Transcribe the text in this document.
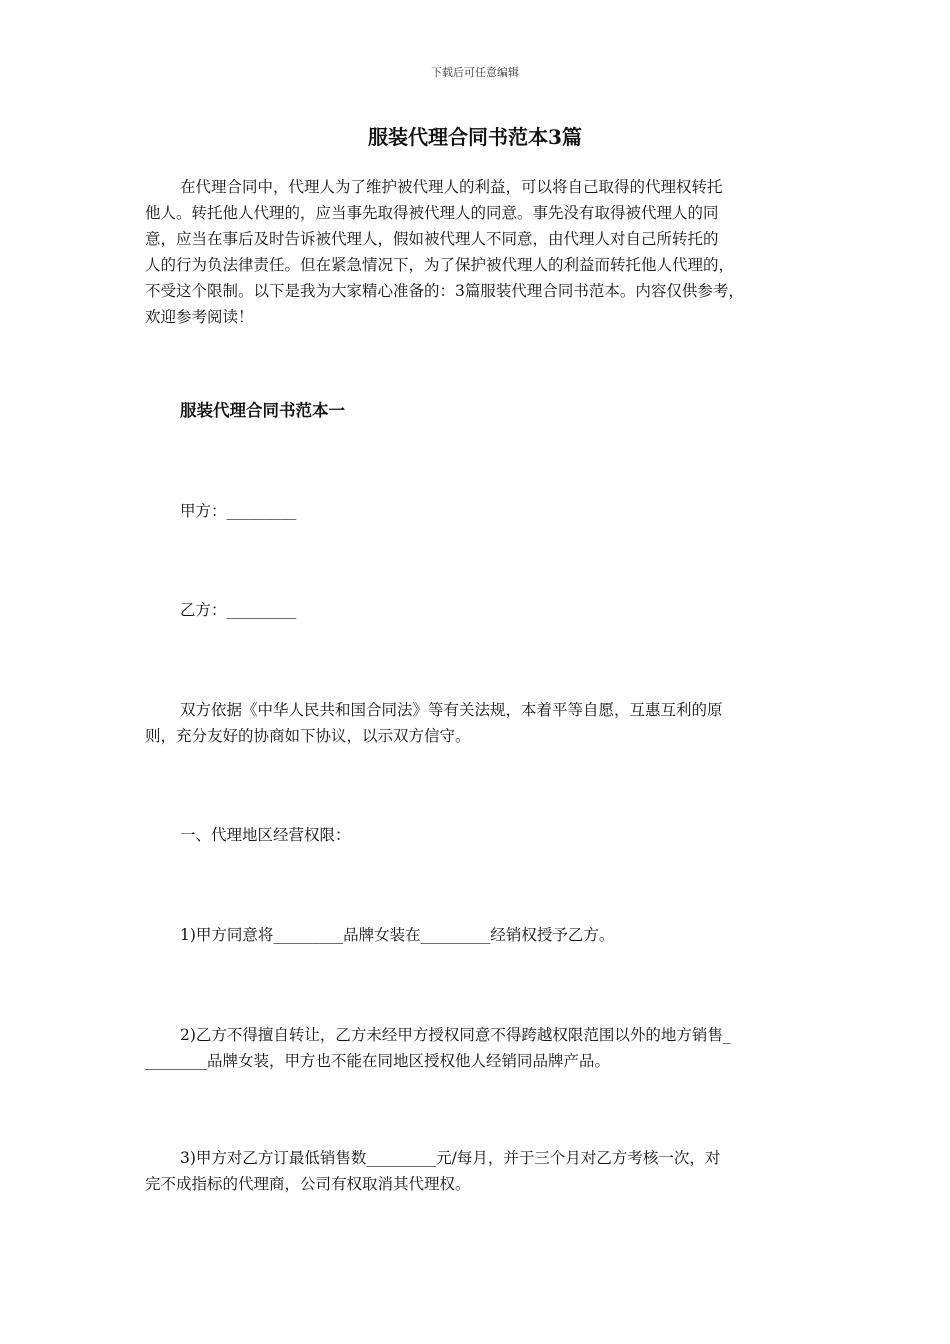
下载后可任意编辑
服装代理合同书范本3篇
在代理合同中，代理人为了维护被代理人的利益，可以将自己取得的代理权转托
他人。转托他人代理的，应当事先取得被代理人的同意。事先没有取得被代理人的同
意，应当在事后及时告诉被代理人，假如被代理人不同意，由代理人对自己所转托的
人的行为负法律责任。但在紧急情况下，为了保护被代理人的利益而转托他人代理的，
不受这个限制。以下是我为大家精心准备的：3篇服装代理合同书范本。内容仅供参考，
欢迎参考阅读！
服装代理合同书范本一
甲方：_________
乙方：_________
双方依据《中华人民共和国合同法》等有关法规，本着平等自愿，互惠互利的原
则，充分友好的协商如下协议，以示双方信守。
一、代理地区经营权限：
1)甲方同意将_________品牌女装在_________经销权授予乙方。
2)乙方不得擅自转让，乙方未经甲方授权同意不得跨越权限范围以外的地方销售_
________品牌女装，甲方也不能在同地区授权他人经销同品牌产品。
3)甲方对乙方订最低销售数_________元/每月，并于三个月对乙方考核一次，对
完不成指标的代理商，公司有权取消其代理权。
